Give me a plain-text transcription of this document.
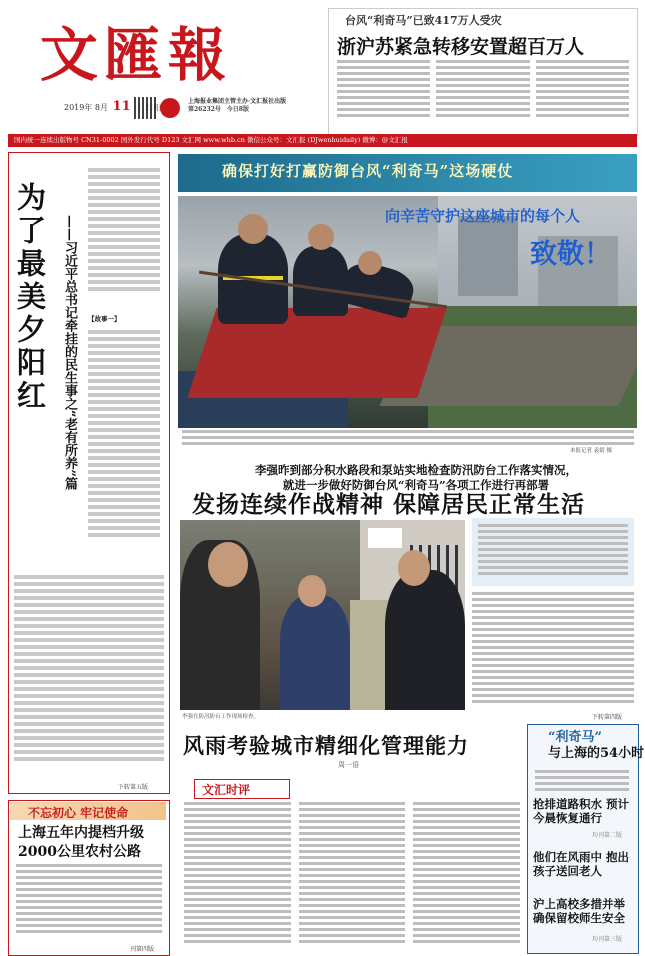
文匯報
2019年 8月 11	上海报业集团主管主办·文汇报社出版
第26232号 今日8版
台风“利奇马”已致417万人受灾
浙沪苏紧急转移安置超百万人
国内统一连续出版物号 CN31-0002 国外发行代号 D123 文汇网 www.whb.cn 微信公众号：文汇报 (DJwenhuidaily) 微博：@文汇报
为了最美夕阳红	——习近平总书记牵挂的民生事之“老有所养”篇 【故事一】
下转第五版
确保打好打赢防御台风“利奇马”这场硬仗
向辛苦守护这座城市的每个人
致敬！
本报记者 袁婧 摄
李强昨到部分积水路段和泵站实地检查防汛防台工作落实情况，
就进一步做好防御台风“利奇马”各项工作进行再部署
发扬连续作战精神 保障居民正常生活
李强在防汛防台工作现场检查。	下转第四版
风雨考验城市精细化管理能力
周一语
文汇时评
“利奇马”
与上海的54小时
抢排道路积水 预计今晨恢复通行
均刊第二版
他们在风雨中 抱出孩子送回老人
沪上高校多措并举 确保留校师生安全
均刊第三版
不忘初心 牢记使命
上海五年内提档升级2000公里农村公路
刊第四版
